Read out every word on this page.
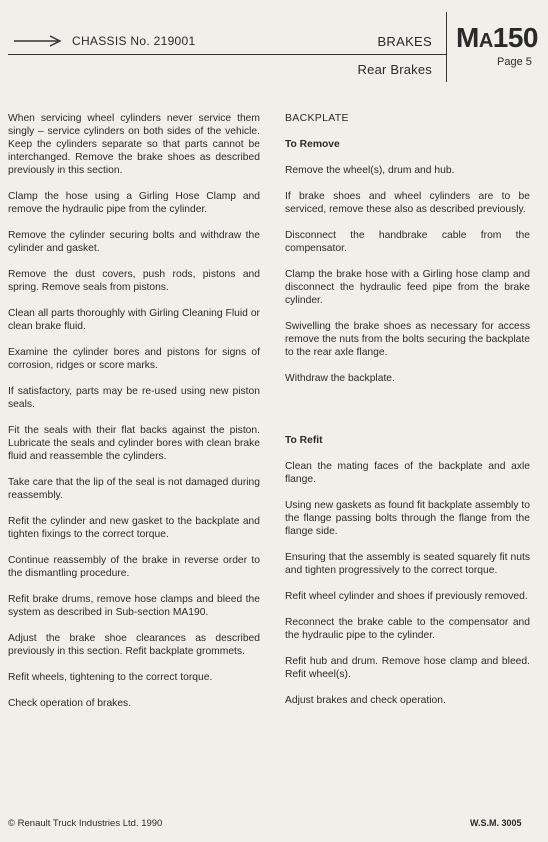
CHASSIS No. 219001	BRAKES
Rear Brakes
MA150
Page 5

When servicing wheel cylinders never service them singly – service cylinders on both sides of the vehicle. Keep the cylinders separate so that parts cannot be interchanged. Remove the brake shoes as described previously in this section.

Clamp the hose using a Girling Hose Clamp and remove the hydraulic pipe from the cylinder.

Remove the cylinder securing bolts and withdraw the cylinder and gasket.

Remove the dust covers, push rods, pistons and spring. Remove seals from pistons.

Clean all parts thoroughly with Girling Cleaning Fluid or clean brake fluid.

Examine the cylinder bores and pistons for signs of corrosion, ridges or score marks.

If satisfactory, parts may be re-used using new piston seals.

Fit the seals with their flat backs against the piston. Lubricate the seals and cylinder bores with clean brake fluid and reassemble the cylinders.

Take care that the lip of the seal is not damaged during reassembly.

Refit the cylinder and new gasket to the backplate and tighten fixings to the correct torque.

Continue reassembly of the brake in reverse order to the dismantling procedure.

Refit brake drums, remove hose clamps and bleed the system as described in Sub-section MA190.

Adjust the brake shoe clearances as described previously in this section. Refit backplate grommets.

Refit wheels, tightening to the correct torque.

Check operation of brakes.

BACKPLATE

To Remove

Remove the wheel(s), drum and hub.

If brake shoes and wheel cylinders are to be serviced, remove these also as described previously.

Disconnect the handbrake cable from the compensator.

Clamp the brake hose with a Girling hose clamp and disconnect the hydraulic feed pipe from the brake cylinder.

Swivelling the brake shoes as necessary for access remove the nuts from the bolts securing the backplate to the rear axle flange.

Withdraw the backplate.

To Refit

Clean the mating faces of the backplate and axle flange.

Using new gaskets as found fit backplate assembly to the flange passing bolts through the flange from the flange side.

Ensuring that the assembly is seated squarely fit nuts and tighten progressively to the correct torque.

Refit wheel cylinder and shoes if previously removed.

Reconnect the brake cable to the compensator and the hydraulic pipe to the cylinder.

Refit hub and drum. Remove hose clamp and bleed. Refit wheel(s).

Adjust brakes and check operation.

© Renault Truck Industries Ltd. 1990	W.S.M. 3005
